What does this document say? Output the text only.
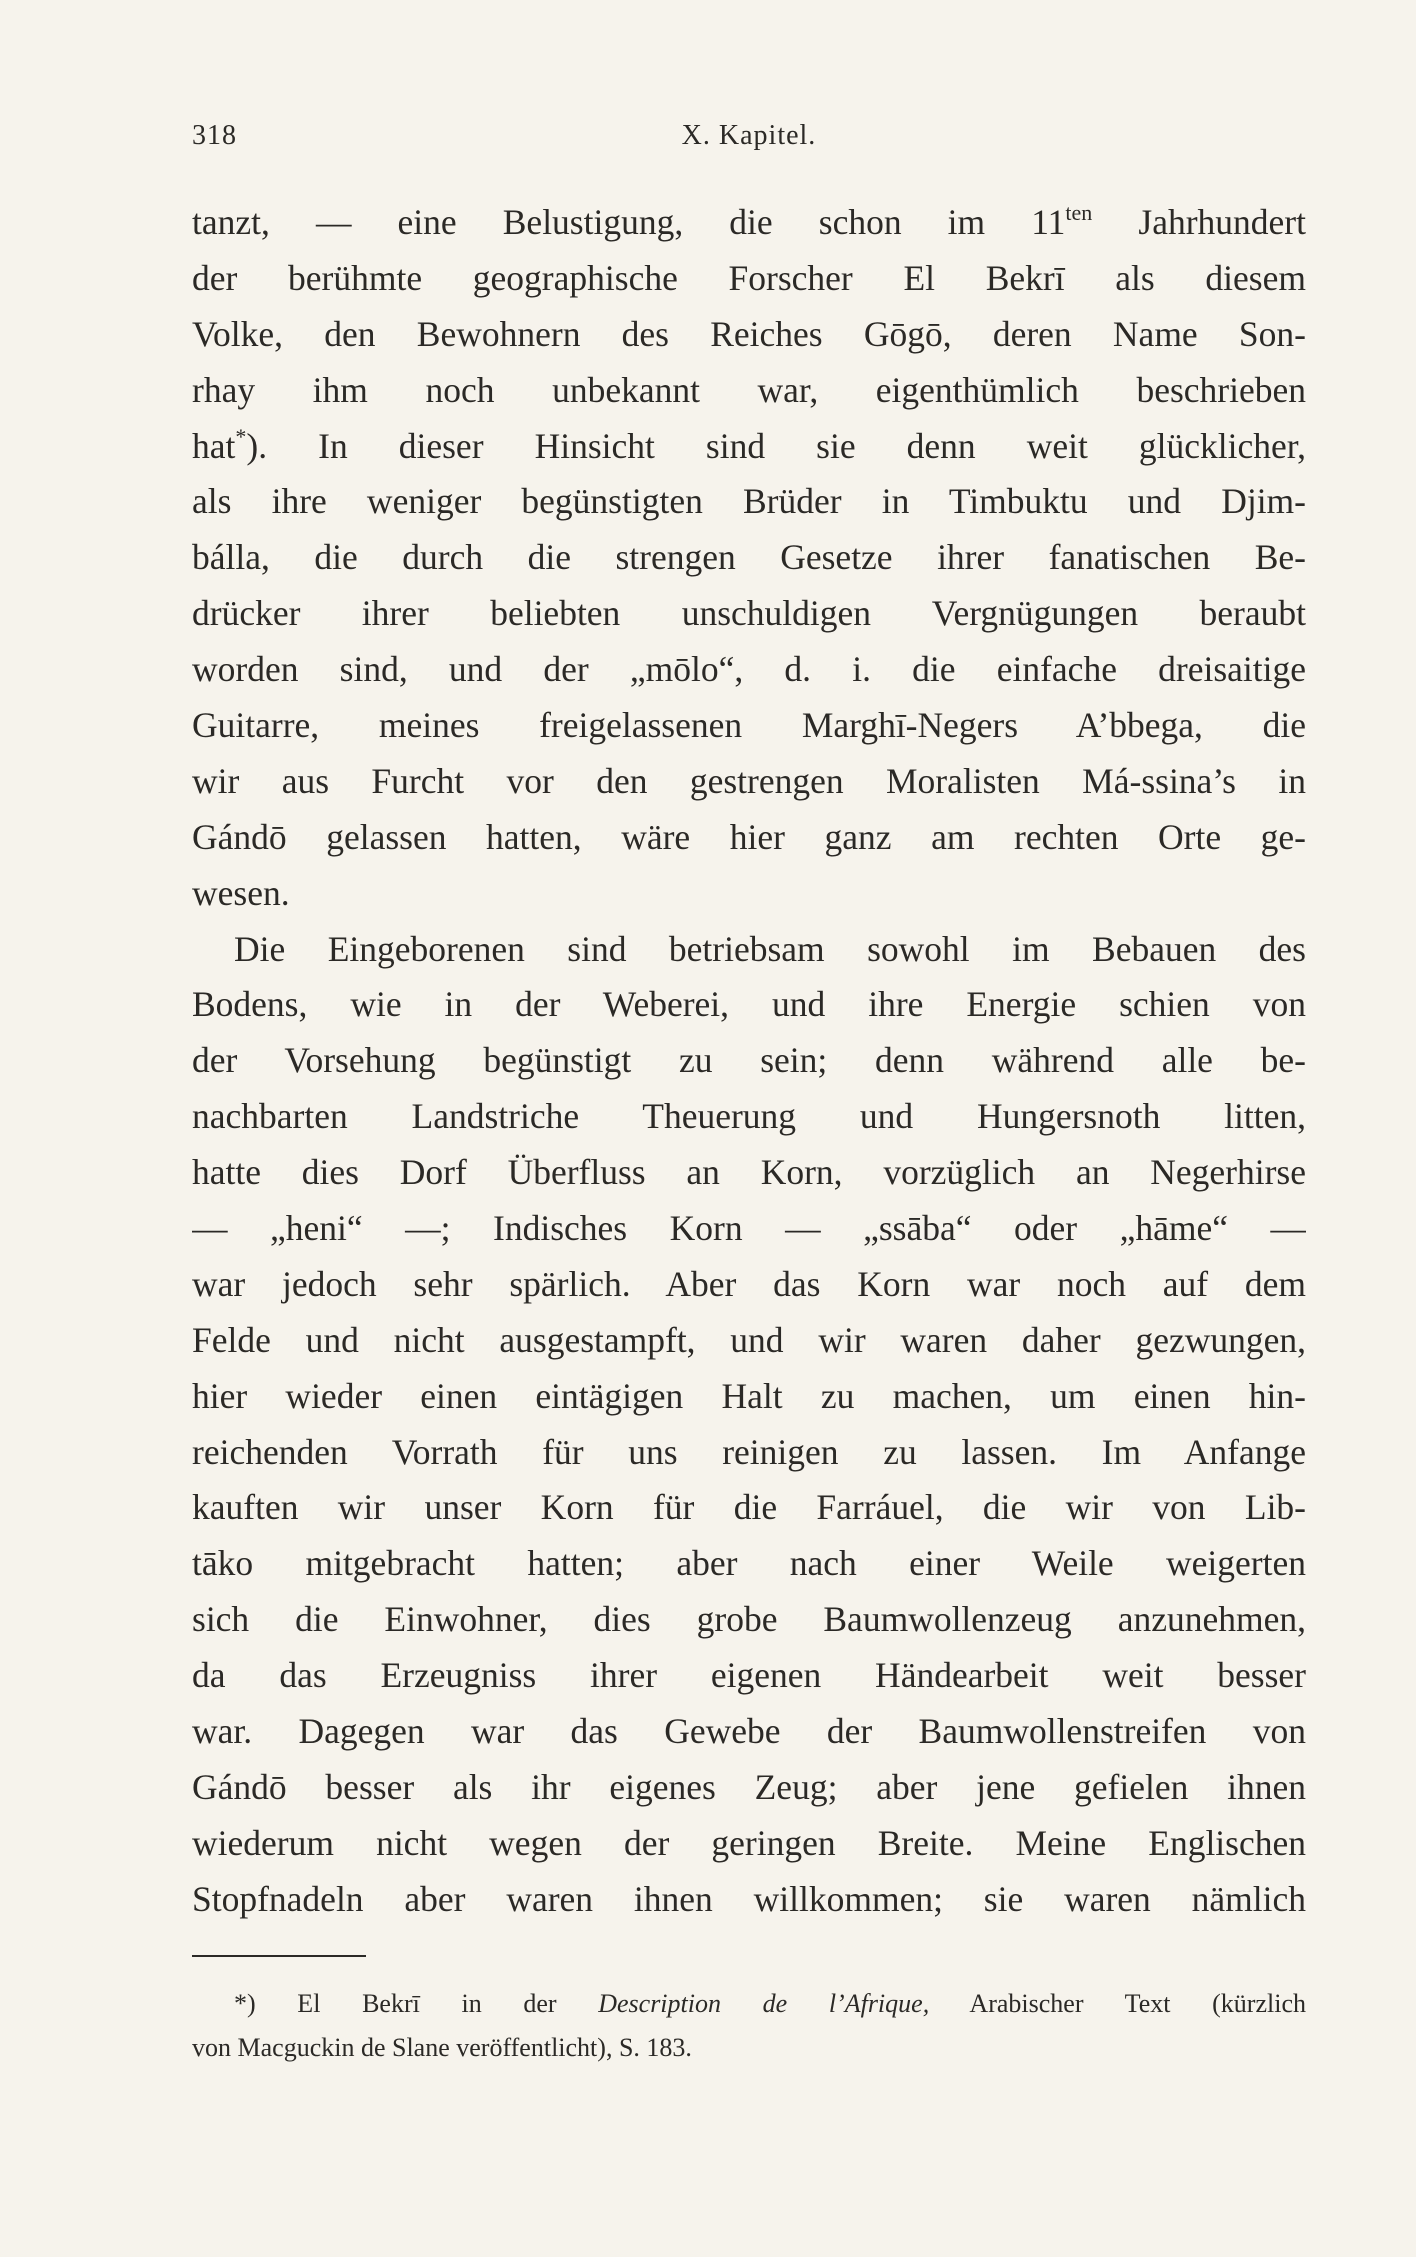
318	X. Kapitel.
tanzt, — eine Belustigung, die schon im $11^{ten}$ Jahrhundert
der berühmte geographische Forscher El Bekrī als diesem
Volke, den Bewohnern des Reiches Gōgō, deren Name Son-
rhay ihm noch unbekannt war, eigenthümlich beschrieben
hat*). In dieser Hinsicht sind sie denn weit glücklicher,
als ihre weniger begünstigten Brüder in Timbuktu und Djim-
bálla, die durch die strengen Gesetze ihrer fanatischen Be-
drücker ihrer beliebten unschuldigen Vergnügungen beraubt
worden sind, und der „mōlo“, d. i. die einfache dreisaitige
Guitarre, meines freigelassenen Marghī-Negers A’bbega, die
wir aus Furcht vor den gestrengen Moralisten Má-ssina’s in
Gándō gelassen hatten, wäre hier ganz am rechten Orte ge-
wesen.
Die Eingeborenen sind betriebsam sowohl im Bebauen des
Bodens, wie in der Weberei, und ihre Energie schien von
der Vorsehung begünstigt zu sein; denn während alle be-
nachbarten Landstriche Theuerung und Hungersnoth litten,
hatte dies Dorf Überfluss an Korn, vorzüglich an Negerhirse
— „heni“ —; Indisches Korn — „ssāba“ oder „hāme“ —
war jedoch sehr spärlich. Aber das Korn war noch auf dem
Felde und nicht ausgestampft, und wir waren daher gezwungen,
hier wieder einen eintägigen Halt zu machen, um einen hin-
reichenden Vorrath für uns reinigen zu lassen. Im Anfange
kauften wir unser Korn für die Farráuel, die wir von Lib-
tāko mitgebracht hatten; aber nach einer Weile weigerten
sich die Einwohner, dies grobe Baumwollenzeug anzunehmen,
da das Erzeugniss ihrer eigenen Händearbeit weit besser
war. Dagegen war das Gewebe der Baumwollenstreifen von
Gándō besser als ihr eigenes Zeug; aber jene gefielen ihnen
wiederum nicht wegen der geringen Breite. Meine Englischen
Stopfnadeln aber waren ihnen willkommen; sie waren nämlich
*) El Bekrī in der Description de l’Afrique, Arabischer Text (kürzlich
von Macguckin de Slane veröffentlicht), S. 183.
